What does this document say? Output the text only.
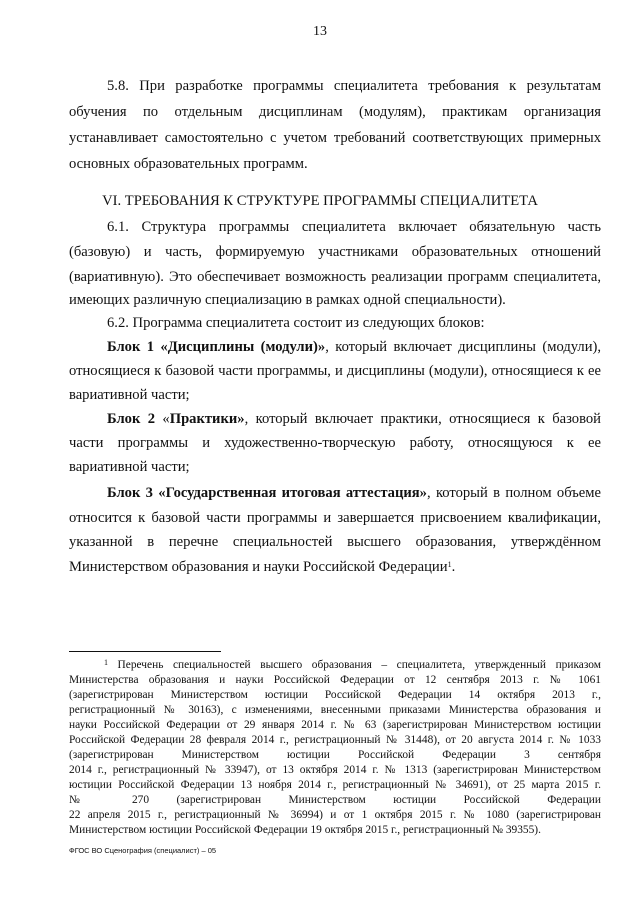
13
5.8. При разработке программы специалитета требования к результатам
обучения по отдельным дисциплинам (модулям), практикам организация
устанавливает самостоятельно с учетом требований соответствующих примерных
основных образовательных программ.
VI. ТРЕБОВАНИЯ К СТРУКТУРЕ ПРОГРАММЫ СПЕЦИАЛИТЕТА
6.1. Структура программы специалитета включает обязательную часть
(базовую) и часть, формируемую участниками образовательных отношений
(вариативную). Это обеспечивает возможность реализации программ специалитета,
имеющих различную специализацию в рамках одной специальности).
6.2. Программа специалитета состоит из следующих блоков:
Блок 1 «Дисциплины (модули)», который включает дисциплины (модули),
относящиеся к базовой части программы, и дисциплины (модули), относящиеся к ее
вариативной части;
Блок 2 «Практики», который включает практики, относящиеся к базовой
части программы и художественно-творческую работу, относящуюся к ее
вариативной части;
Блок 3 «Государственная итоговая аттестация», который в полном объеме
относится к базовой части программы и завершается присвоением квалификации,
указанной в перечне специальностей высшего образования, утверждённом
Министерством образования и науки Российской Федерации$^1$.
$^1$ Перечень специальностей высшего образования – специалитета, утвержденный приказом
Министерства образования и науки Российской Федерации от 12 сентября 2013 г. № 1061
(зарегистрирован Министерством юстиции Российской Федерации 14 октября 2013 г.,
регистрационный № 30163), с изменениями, внесенными приказами Министерства образования и
науки Российской Федерации от 29 января 2014 г. № 63 (зарегистрирован Министерством юстиции
Российской Федерации 28 февраля 2014 г., регистрационный № 31448), от 20 августа 2014 г. № 1033
(зарегистрирован Министерством юстиции Российской Федерации 3 сентября
2014 г., регистрационный № 33947), от 13 октября 2014 г. № 1313 (зарегистрирован Министерством
юстиции Российской Федерации 13 ноября 2014 г., регистрационный № 34691), от 25 марта 2015 г.
№ 270 (зарегистрирован Министерством юстиции Российской Федерации
22 апреля 2015 г., регистрационный № 36994) и от 1 октября 2015 г. № 1080 (зарегистрирован
Министерством юстиции Российской Федерации 19 октября 2015 г., регистрационный № 39355).
ФГОС ВО Сценография (специалист) – 05
